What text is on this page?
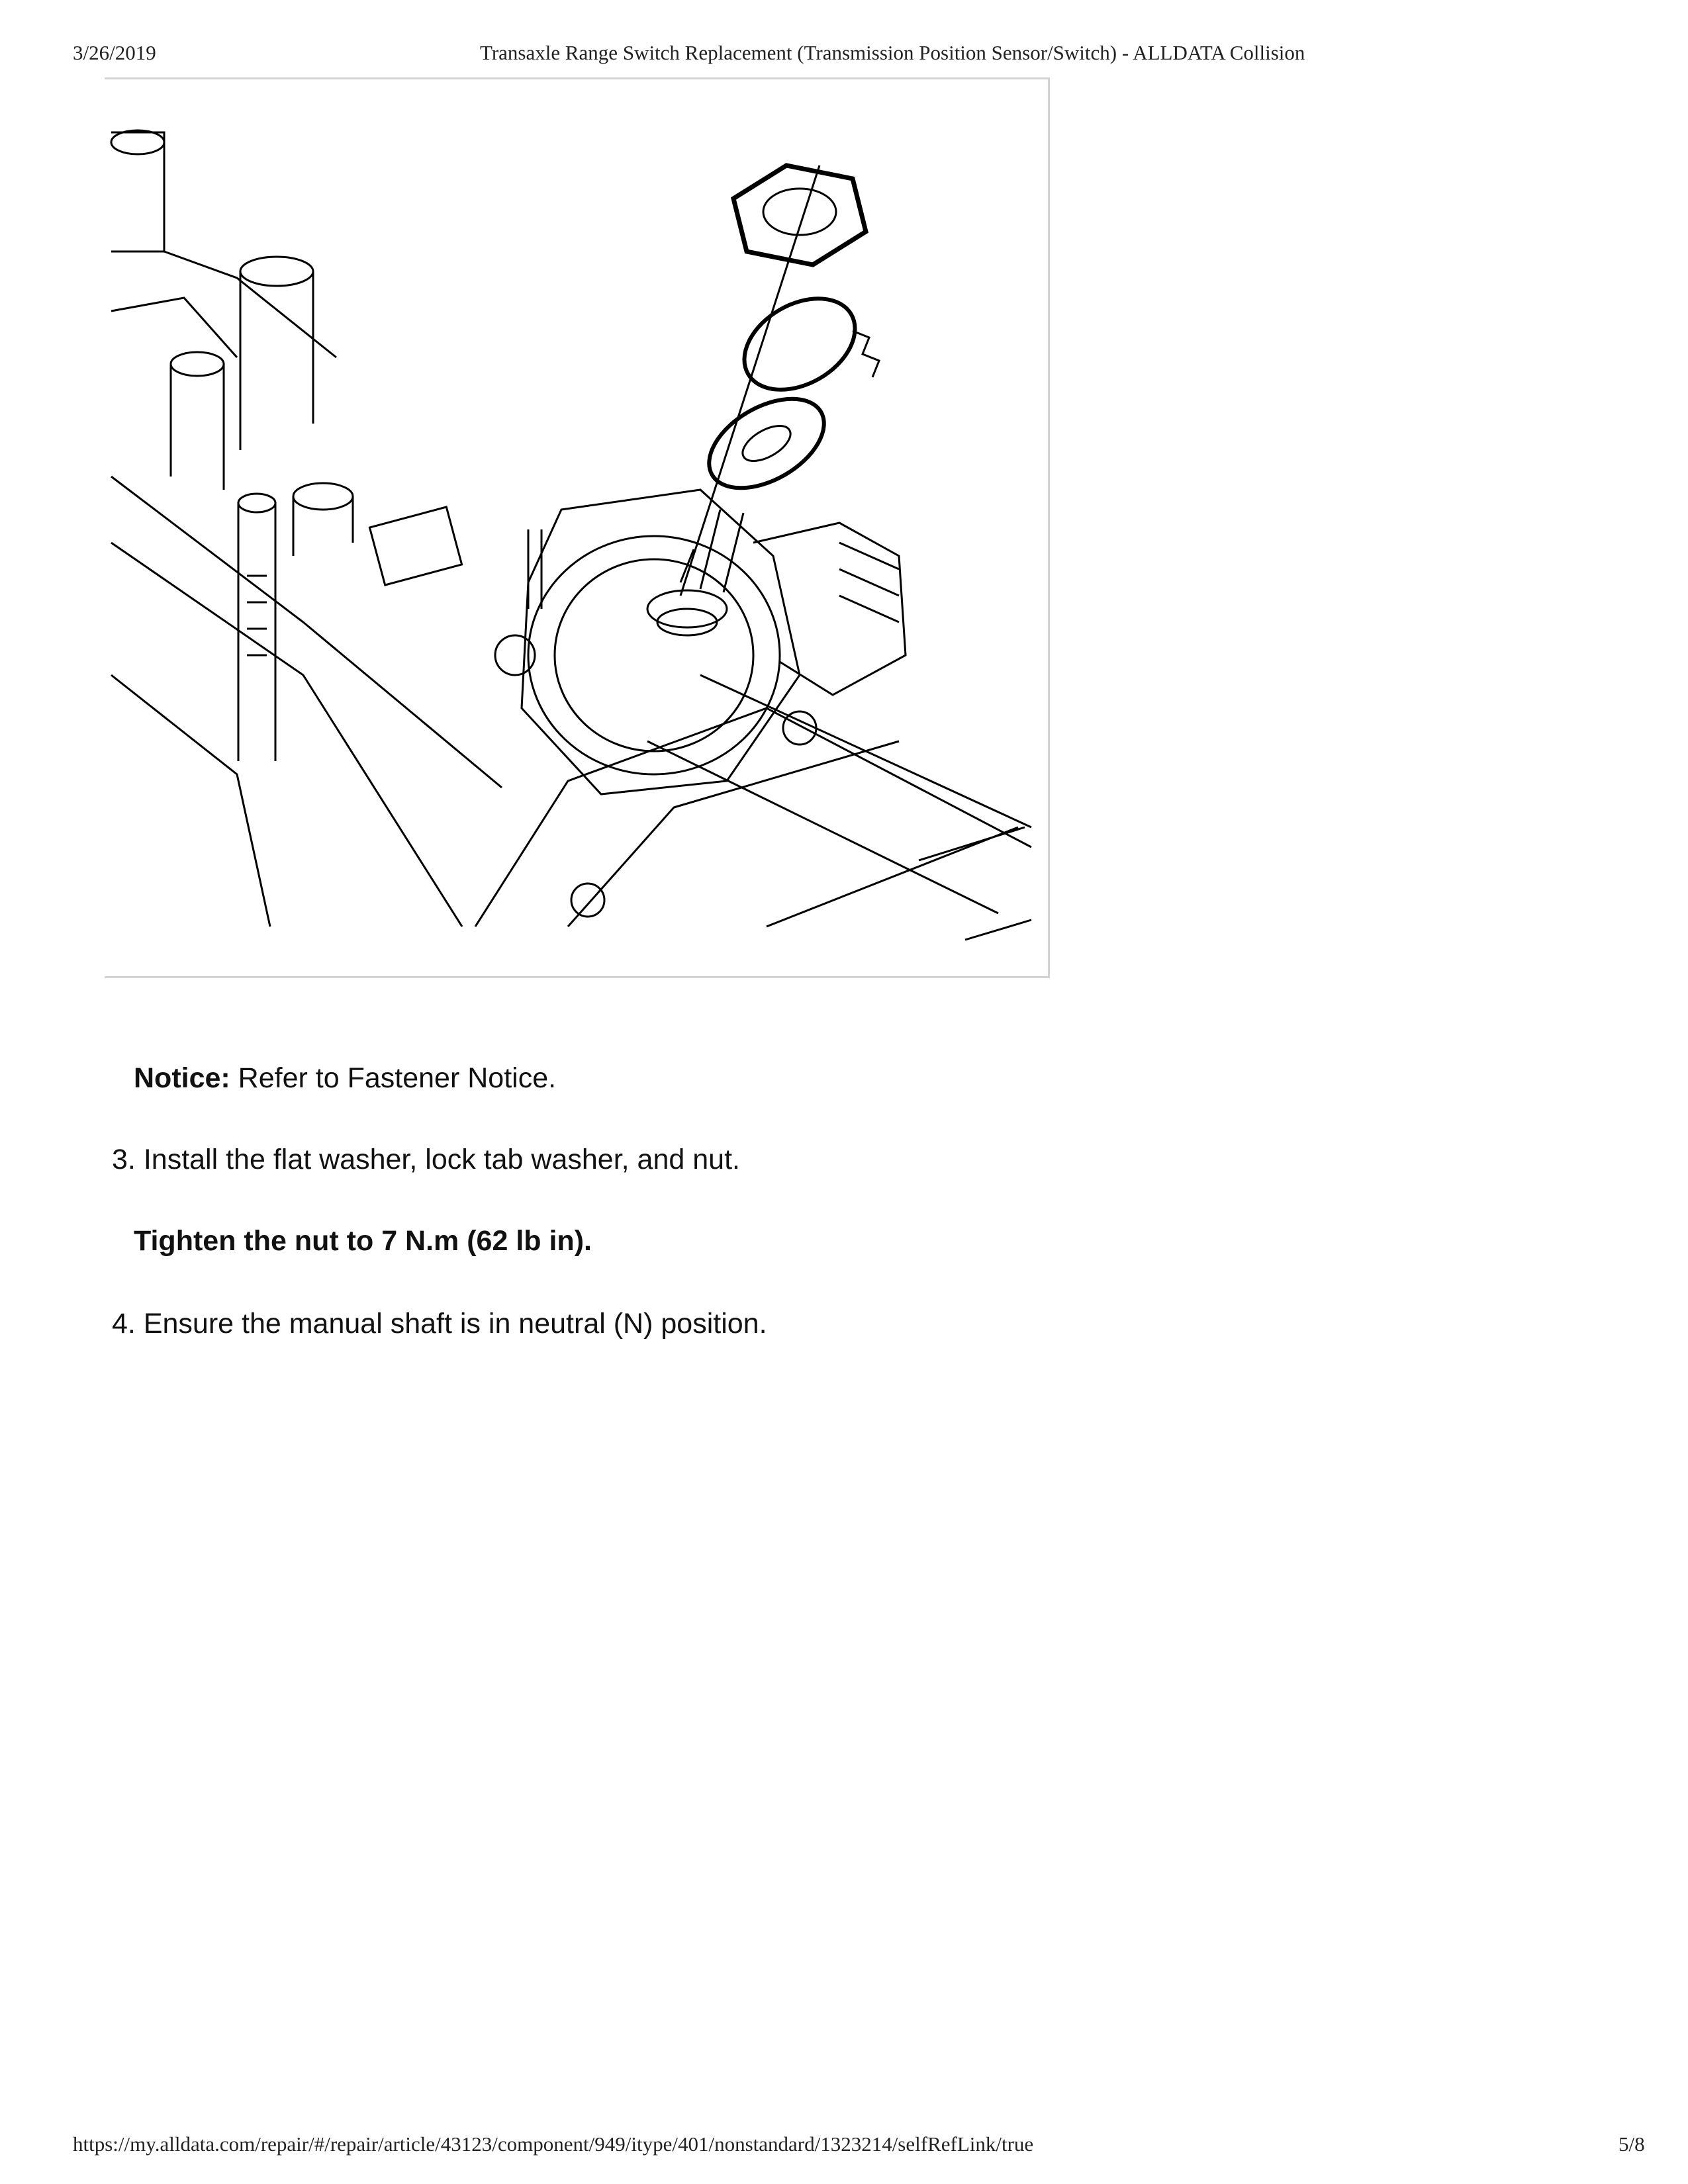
3/26/2019	Transaxle Range Switch Replacement (Transmission Position Sensor/Switch) - ALLDATA Collision
Notice: Refer to Fastener Notice.
3. Install the flat washer, lock tab washer, and nut.
Tighten the nut to 7 N.m (62 lb in).
4. Ensure the manual shaft is in neutral (N) position.
https://my.alldata.com/repair/#/repair/article/43123/component/949/itype/401/nonstandard/1323214/selfRefLink/true	5/8
